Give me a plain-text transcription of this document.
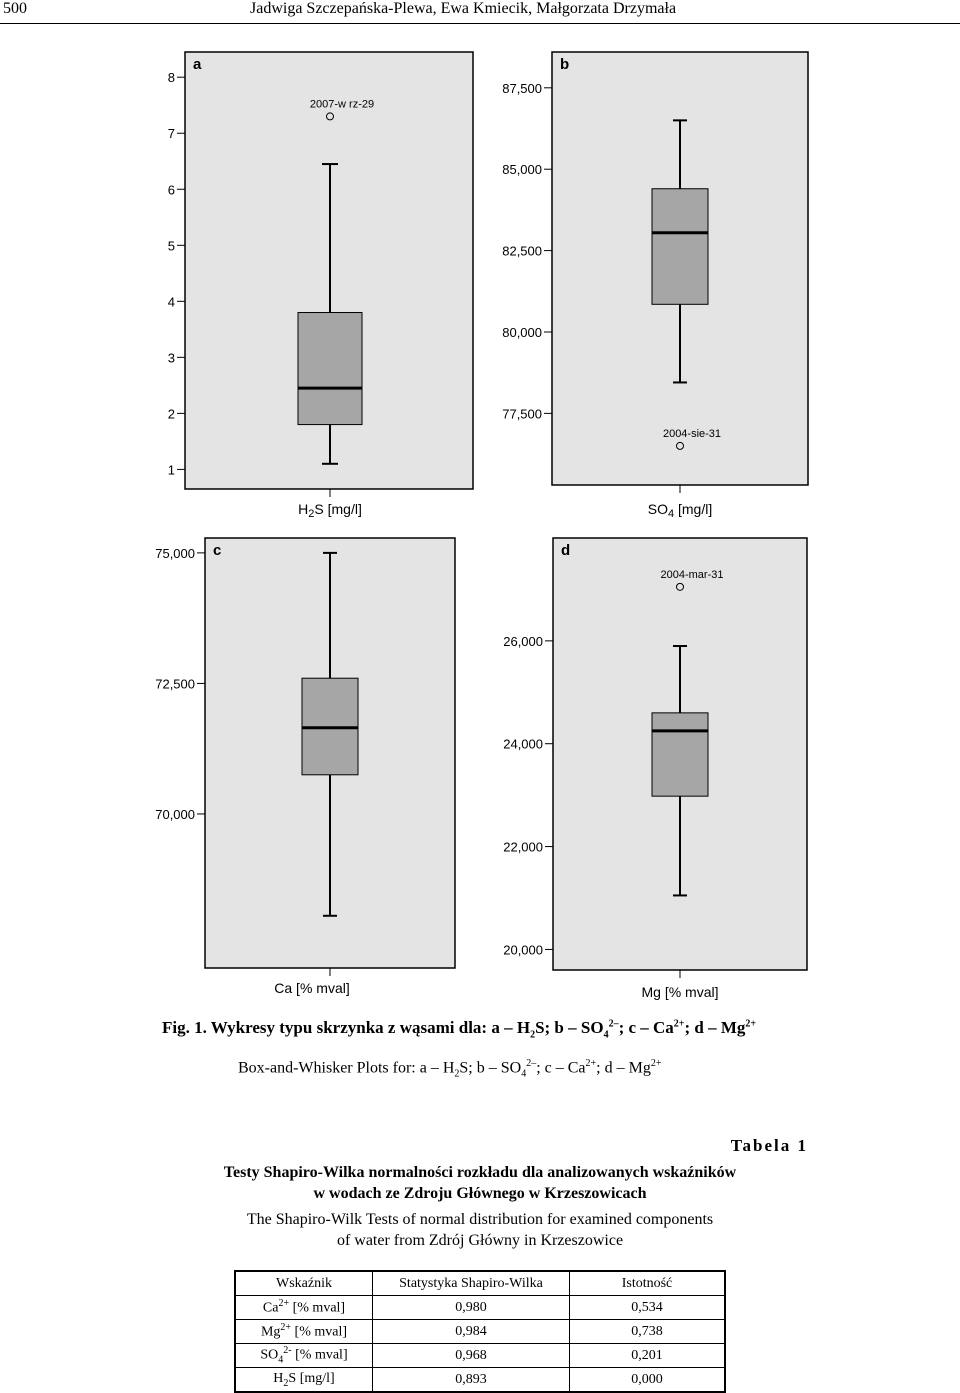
500	Jadwiga Szczepańska-Plewa, Ewa Kmiecik, Małgorzata Drzymała
a
1
2
3
4
5
6
7
8
$H_2S$ [mg/l]
2007-w rz-29
b
77,500
80,000
82,500
85,000
87,500
$SO_4$ [mg/l]
2004-sie-31
c
70,000
72,500
75,000
Ca [% mval]
d
20,000
22,000
24,000
26,000
Mg [% mval]
2004-mar-31
Fig. 1. Wykresy typu skrzynka z wąsami dla: a – $H_2S$; b – $SO_4^{2-}$; c – $Ca^{2+}$; d – $Mg^{2+}$
Box-and-Whisker Plots for: a – $H_2S$; b – $SO_4^{2-}$; c – $Ca^{2+}$; d – $Mg^{2+}$
Tabela 1
Testy Shapiro-Wilka normalności rozkładu dla analizowanych wskaźników
w wodach ze Zdroju Głównego w Krzeszowicach
The Shapiro-Wilk Tests of normal distribution for examined components
of water from Zdrój Główny in Krzeszowice
Wskaźnik	Statystyka Shapiro-Wilka	Istotność
$Ca^{2+}$ [% mval]	0,980	0,534
$Mg^{2+}$ [% mval]	0,984	0,738
$SO_4^{2-}$ [% mval]	0,968	0,201
$H_2S$ [mg/l]	0,893	0,000
